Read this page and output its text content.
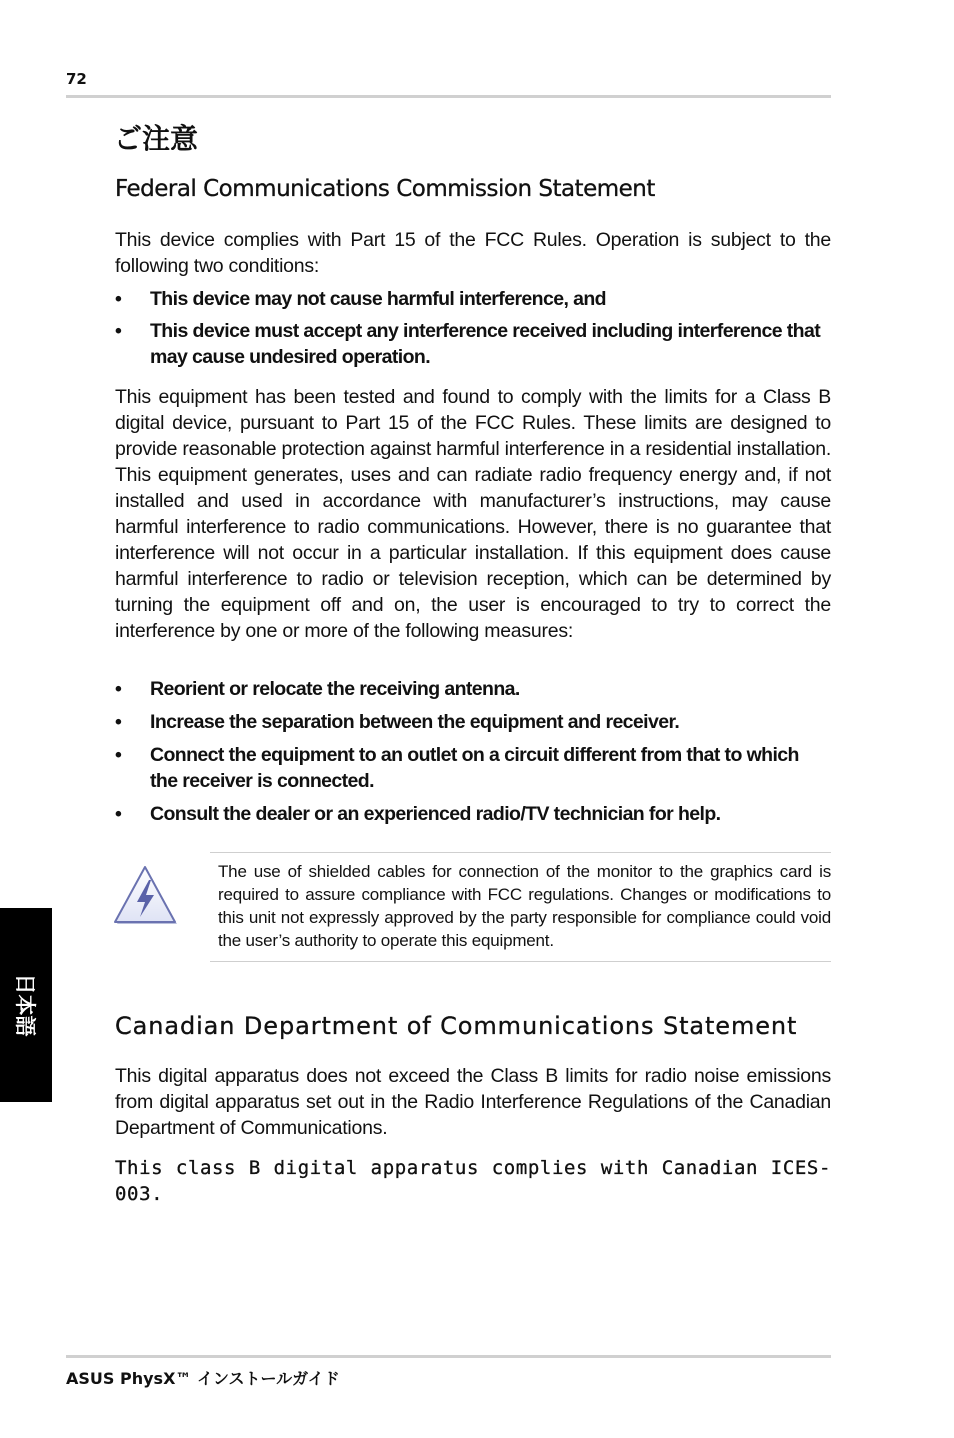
72
ご注意
Federal Communications Commission Statement

This device complies with Part 15 of the FCC Rules. Operation is subject to the following two conditions:

• This device may not cause harmful interference, and
• This device must accept any interference received including interference that may cause undesired operation.

This equipment has been tested and found to comply with the limits for a Class B digital device, pursuant to Part 15 of the FCC Rules. These limits are designed to provide reasonable protection against harmful interference in a residential installation. This equipment generates, uses and can radiate radio frequency energy and, if not installed and used in accordance with manufacturer’s instructions, may cause harmful interference to radio communications. However, there is no guarantee that interference will not occur in a particular installation. If this equipment does cause harmful interference to radio or television reception, which can be determined by turning the equipment off and on, the user is encouraged to try to correct the interference by one or more of the following measures:

• Reorient or relocate the receiving antenna.
• Increase the separation between the equipment and receiver.
• Connect the equipment to an outlet on a circuit different from that to which the receiver is connected.
• Consult the dealer or an experienced radio/TV technician for help.

The use of shielded cables for connection of the monitor to the graphics card is required to assure compliance with FCC regulations. Changes or modifications to this unit not expressly approved by the party responsible for compliance could void the user’s authority to operate this equipment.

Canadian Department of Communications Statement

This digital apparatus does not exceed the Class B limits for radio noise emissions from digital apparatus set out in the Radio Interference Regulations of the Canadian Department of Communications.

This class B digital apparatus complies with Canadian ICES-003.

日本語
ASUS PhysX™ インストールガイド
